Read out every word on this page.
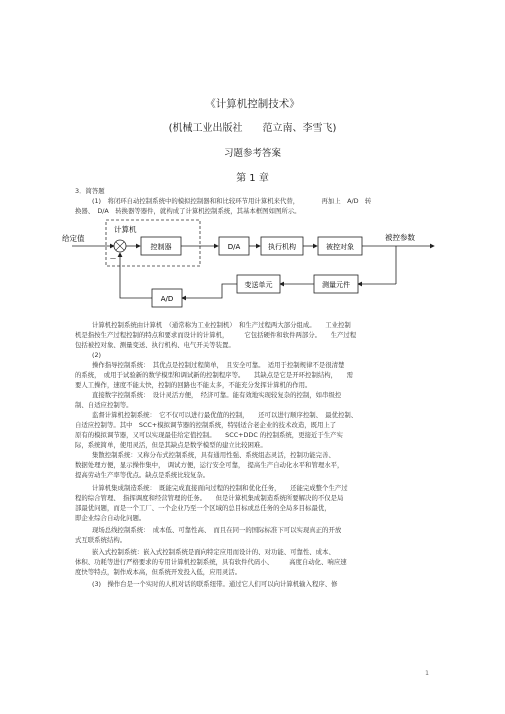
《计算机控制技术》
(机械工业出版社　　范立南、李雪飞)
习题参考答案
第 1 章
3．简答题
(1)　将闭环自动控制系统中的模拟控制器和和比较环节用计算机来代替，　　　　再加上　A/D　转
换器、　D/A　转换器等器件，就构成了计算机控制系统，其基本框图如图所示。
计算机
给定值
—
控制器	D/A	执行机构	被控对象
被控参数
测量元件
变送单元
A/D
计算机控制系统由计算机　（通常称为工业控制机）　和生产过程两大部分组成。　　工业控制
机是指按生产过程控制的特点和要求而设计的计算机，　　　它包括硬件和软件两部分。　　生产过程
包括被控对象、测量变送、执行机构、电气开关等装置。
(2)
操作指导控制系统：　其优点是控制过程简单，　且安全可靠。　适用于控制规律不是很清楚
的系统，　或用于试验新的数学模型和调试新的控制程序等。　　其缺点是它是开环控制结构，　　需
要人工操作，速度不能太快，控制的回路也不能太多，不能充分发挥计算机的作用。
直接数字控制系统：　设计灵活方便，　经济可靠。能有效地实现较复杂的控制，如串级控
制、自适应控制等。
监督计算机控制系统：　它不仅可以进行最优值的控制，　　还可以进行顺序控制、　最优控制、
自适应控制等。其中　SCC+模拟调节器的控制系统，特别适合老企业的技术改造，既用上了
原有的模拟调节器，又可以实现最佳给定值控制。　　SCC+DDC 的控制系统，更接近于生产实
际，系统简单，使用灵活，但是其缺点是数学模型的建立比较困难。
集散控制系统：又称分布式控制系统，具有通用性强、系统组态灵活，控制功能完善、
数据处理方便，显示操作集中，　调试方便，运行安全可靠，　提高生产自动化水平和管理水平，
提高劳动生产率等优点。缺点是系统比较复杂。
计算机集成制造系统：　既能完成直接面向过程的控制和优化任务，　　还能完成整个生产过
程的综合管理、　指挥调度和经营管理的任务。　　但是计算机集成制造系统所要解决的不仅是局
部最优问题，而是一个工厂、一个企业乃至一个区域的总目标或总任务的全局多目标最优，
即企业综合自动化问题。
现场总线控制系统：　成本低、可靠性高、　而且在同一的国际标准下可以实现真正的开放
式互联系统结构。
嵌入式控制系统：嵌入式控制系统是面向特定应用而设计的、对功能、可靠性、成本、
体积、功耗等进行严格要求的专用计算机控制系统，具有软件代码小、　　　高度自动化、响应速
度快等特点，制作成本高，但系统开发投入低，应用灵活。
(3)　操作台是一个实时的人机对话的联系纽带。通过它人们可以向计算机输入程序、修
1
